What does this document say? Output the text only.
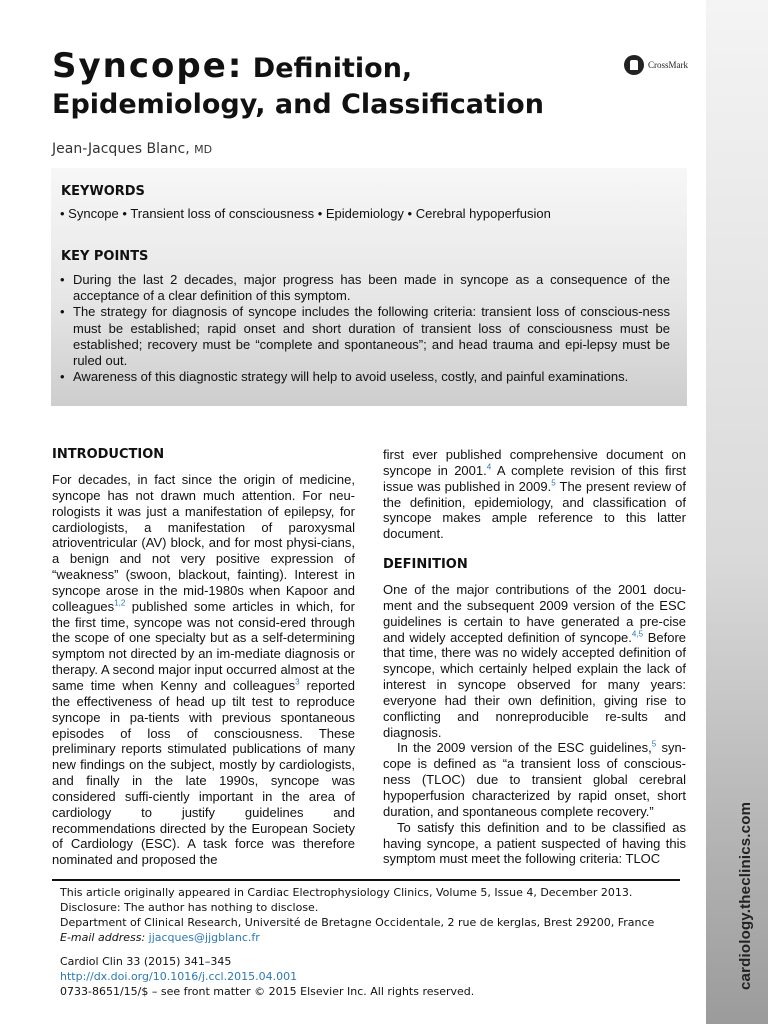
cardiology.theclinics.com
Syncope: Definition,
Epidemiology, and Classification
CrossMark
Jean-Jacques Blanc, MD
KEYWORDS
• Syncope • Transient loss of consciousness • Epidemiology • Cerebral hypoperfusion
KEY POINTS
• During the last 2 decades, major progress has been made in syncope as a consequence of the acceptance of a clear definition of this symptom.
• The strategy for diagnosis of syncope includes the following criteria: transient loss of conscious-ness must be established; rapid onset and short duration of transient loss of consciousness must be established; recovery must be “complete and spontaneous”; and head trauma and epi-lepsy must be ruled out.
• Awareness of this diagnostic strategy will help to avoid useless, costly, and painful examinations.
INTRODUCTION

For decades, in fact since the origin of medicine, syncope has not drawn much attention. For neu-rologists it was just a manifestation of epilepsy, for cardiologists, a manifestation of paroxysmal atrioventricular (AV) block, and for most physi-cians, a benign and not very positive expression of “weakness” (swoon, blackout, fainting). Interest in syncope arose in the mid-1980s when Kapoor and colleagues$^{1,2}$ published some articles in which, for the first time, syncope was not consid-ered through the scope of one specialty but as a self-determining symptom not directed by an im-mediate diagnosis or therapy. A second major input occurred almost at the same time when Kenny and colleagues$^3$ reported the effectiveness of head up tilt test to reproduce syncope in pa-tients with previous spontaneous episodes of loss of consciousness. These preliminary reports stimulated publications of many new findings on the subject, mostly by cardiologists, and finally in the late 1990s, syncope was considered suffi-ciently important in the area of cardiology to justify guidelines and recommendations directed by the European Society of Cardiology (ESC). A task force was therefore nominated and proposed the

first ever published comprehensive document on syncope in 2001.$^4$ A complete revision of this first issue was published in 2009.$^5$ The present review of the definition, epidemiology, and classification of syncope makes ample reference to this latter document.

DEFINITION

One of the major contributions of the 2001 docu-ment and the subsequent 2009 version of the ESC guidelines is certain to have generated a pre-cise and widely accepted definition of syncope.$^{4,5}$ Before that time, there was no widely accepted definition of syncope, which certainly helped explain the lack of interest in syncope observed for many years: everyone had their own definition, giving rise to conflicting and nonreproducible re-sults and diagnosis.

In the 2009 version of the ESC guidelines,$^5$ syn-cope is defined as “a transient loss of conscious-ness (TLOC) due to transient global cerebral hypoperfusion characterized by rapid onset, short duration, and spontaneous complete recovery.”

To satisfy this definition and to be classified as having syncope, a patient suspected of having this symptom must meet the following criteria: TLOC

This article originally appeared in Cardiac Electrophysiology Clinics, Volume 5, Issue 4, December 2013.
Disclosure: The author has nothing to disclose.
Department of Clinical Research, Université de Bretagne Occidentale, 2 rue de kerglas, Brest 29200, France
E-mail address: jjacques@jjgblanc.fr
Cardiol Clin 33 (2015) 341–345
http://dx.doi.org/10.1016/j.ccl.2015.04.001
0733-8651/15/$ – see front matter © 2015 Elsevier Inc. All rights reserved.
